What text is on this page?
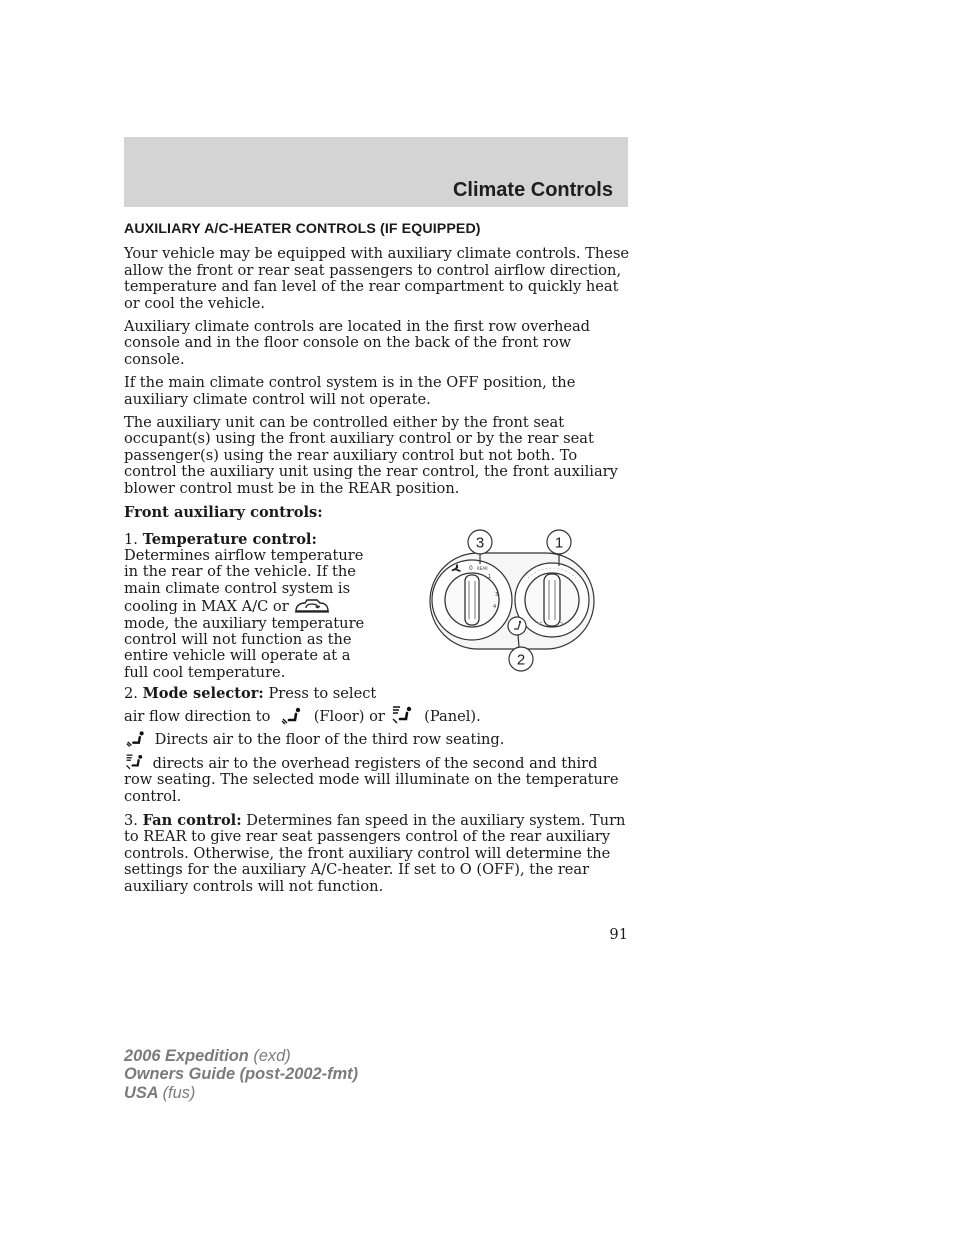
Climate Controls
AUXILIARY A/C-HEATER CONTROLS (IF EQUIPPED)

Your vehicle may be equipped with auxiliary climate controls. These allow the front or rear seat passengers to control airflow direction, temperature and fan level of the rear compartment to quickly heat or cool the vehicle.

Auxiliary climate controls are located in the first row overhead console and in the floor console on the back of the front row console.

If the main climate control system is in the OFF position, the auxiliary climate control will not operate.

The auxiliary unit can be controlled either by the front seat occupant(s) using the front auxiliary control or by the rear seat passenger(s) using the rear auxiliary control but not both. To control the auxiliary unit using the rear control, the front auxiliary blower control must be in the REAR position.

Front auxiliary controls:

1. Temperature control: Determines airflow temperature in the rear of the vehicle. If the main climate control system is cooling in MAX A/C or  mode, the auxiliary temperature control will not function as the entire vehicle will operate at a full cool temperature.
0 REAR
1
3
4
3	1
2
2. Mode selector: Press to select
air flow direction to	(Floor) or	(Panel).
Directs air to the floor of the third row seating.

directs air to the overhead registers of the second and third row seating. The selected mode will illuminate on the temperature control.

3. Fan control: Determines fan speed in the auxiliary system. Turn to REAR to give rear seat passengers control of the rear auxiliary controls. Otherwise, the front auxiliary control will determine the settings for the auxiliary A/C-heater. If set to O (OFF), the rear auxiliary controls will not function.

91
2006 Expedition (exd)
Owners Guide (post-2002-fmt)
USA (fus)
